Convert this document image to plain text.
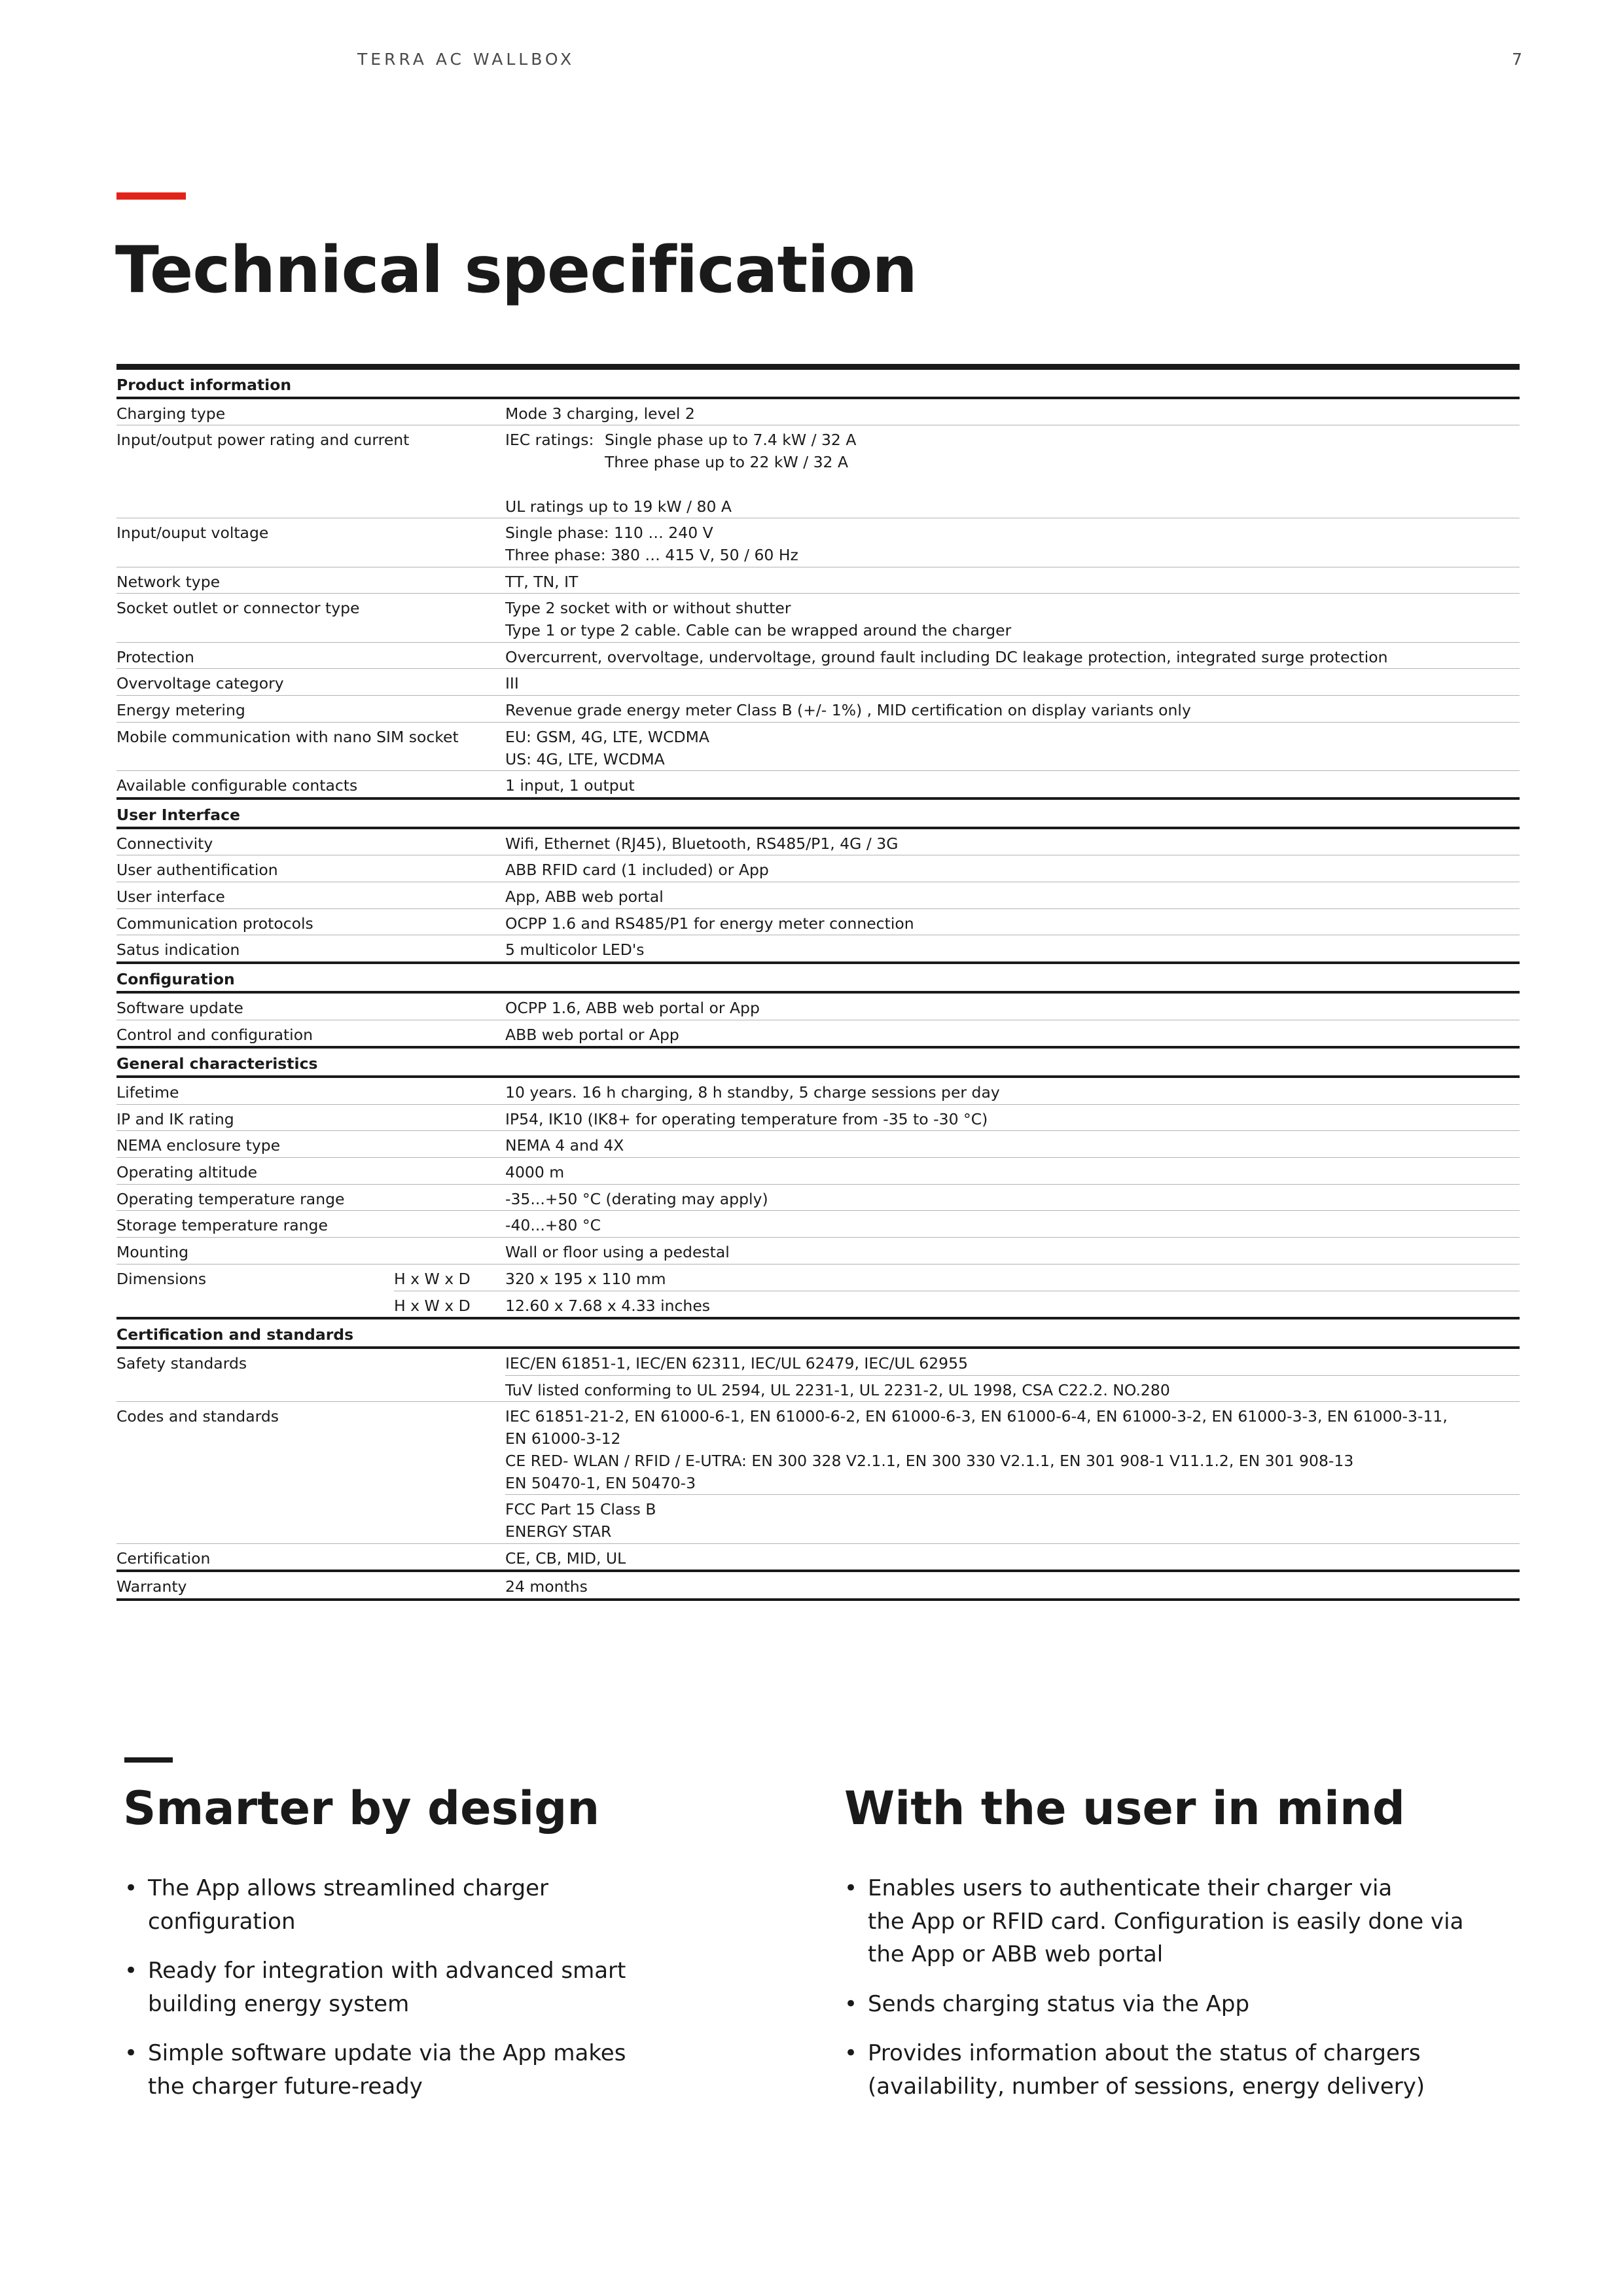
TERRA AC WALLBOX	7
Technical specification
Product information		
Charging type		Mode 3 charging, level 2
Input/output power rating and current		IEC ratings: Single phase up to 7.4 kW / 32 A
Three phase up to 22 kW / 32 A
UL ratings up to 19 kW / 80 A

Input/ouput voltage		Single phase: 110 … 240 V
Three phase: 380 … 415 V, 50 / 60 Hz

Network type		TT, TN, IT
Socket outlet or connector type		Type 2 socket with or without shutter
Type 1 or type 2 cable. Cable can be wrapped around the charger

Protection		Overcurrent, overvoltage, undervoltage, ground fault including DC leakage protection, integrated surge protection
Overvoltage category		III
Energy metering		Revenue grade energy meter Class B (+/- 1%) , MID certification on display variants only
Mobile communication with nano SIM socket		EU: GSM, 4G, LTE, WCDMA
US: 4G, LTE, WCDMA

Available configurable contacts		1 input, 1 output
User Interface		
Connectivity		Wifi, Ethernet (RJ45), Bluetooth, RS485/P1, 4G / 3G
User authentification		ABB RFID card (1 included) or App
User interface		App, ABB web portal
Communication protocols		OCPP 1.6 and RS485/P1 for energy meter connection
Satus indication		5 multicolor LED's
Configuration		
Software update		OCPP 1.6, ABB web portal or App
Control and configuration		ABB web portal or App
General characteristics		
Lifetime		10 years. 16 h charging, 8 h standby, 5 charge sessions per day
IP and IK rating		IP54, IK10 (IK8+ for operating temperature from -35 to -30 °C)
NEMA enclosure type		NEMA 4 and 4X
Operating altitude		4000 m
Operating temperature range		-35...+50 °C (derating may apply)
Storage temperature range		-40...+80 °C
Mounting		Wall or floor using a pedestal
Dimensions	H x W x D	320 x 195 x 110 mm
	H x W x D	12.60 x 7.68 x 4.33 inches
Certification and standards		
Safety standards		IEC/EN 61851-1, IEC/EN 62311, IEC/UL 62479, IEC/UL 62955
		TuV listed conforming to UL 2594, UL 2231-1, UL 2231-2, UL 1998, CSA C22.2. NO.280
Codes and standards		IEC 61851-21-2, EN 61000-6-1, EN 61000-6-2, EN 61000-6-3, EN 61000-6-4, EN 61000-3-2, EN 61000-3-3, EN 61000-3-11,
EN 61000-3-12
CE RED- WLAN / RFID / E-UTRA: EN 300 328 V2.1.1, EN 300 330 V2.1.1, EN 301 908-1 V11.1.2, EN 301 908-13
EN 50470-1, EN 50470-3

		FCC Part 15 Class B
ENERGY STAR

Certification		CE, CB, MID, UL
Warranty		24 months
Smarter by design
• The App allows streamlined charger
configuration
• Ready for integration with advanced smart
building energy system
• Simple software update via the App makes
the charger future-ready
With the user in mind
• Enables users to authenticate their charger via
the App or RFID card. Configuration is easily done via
the App or ABB web portal
• Sends charging status via the App
• Provides information about the status of chargers
(availability, number of sessions, energy delivery)
